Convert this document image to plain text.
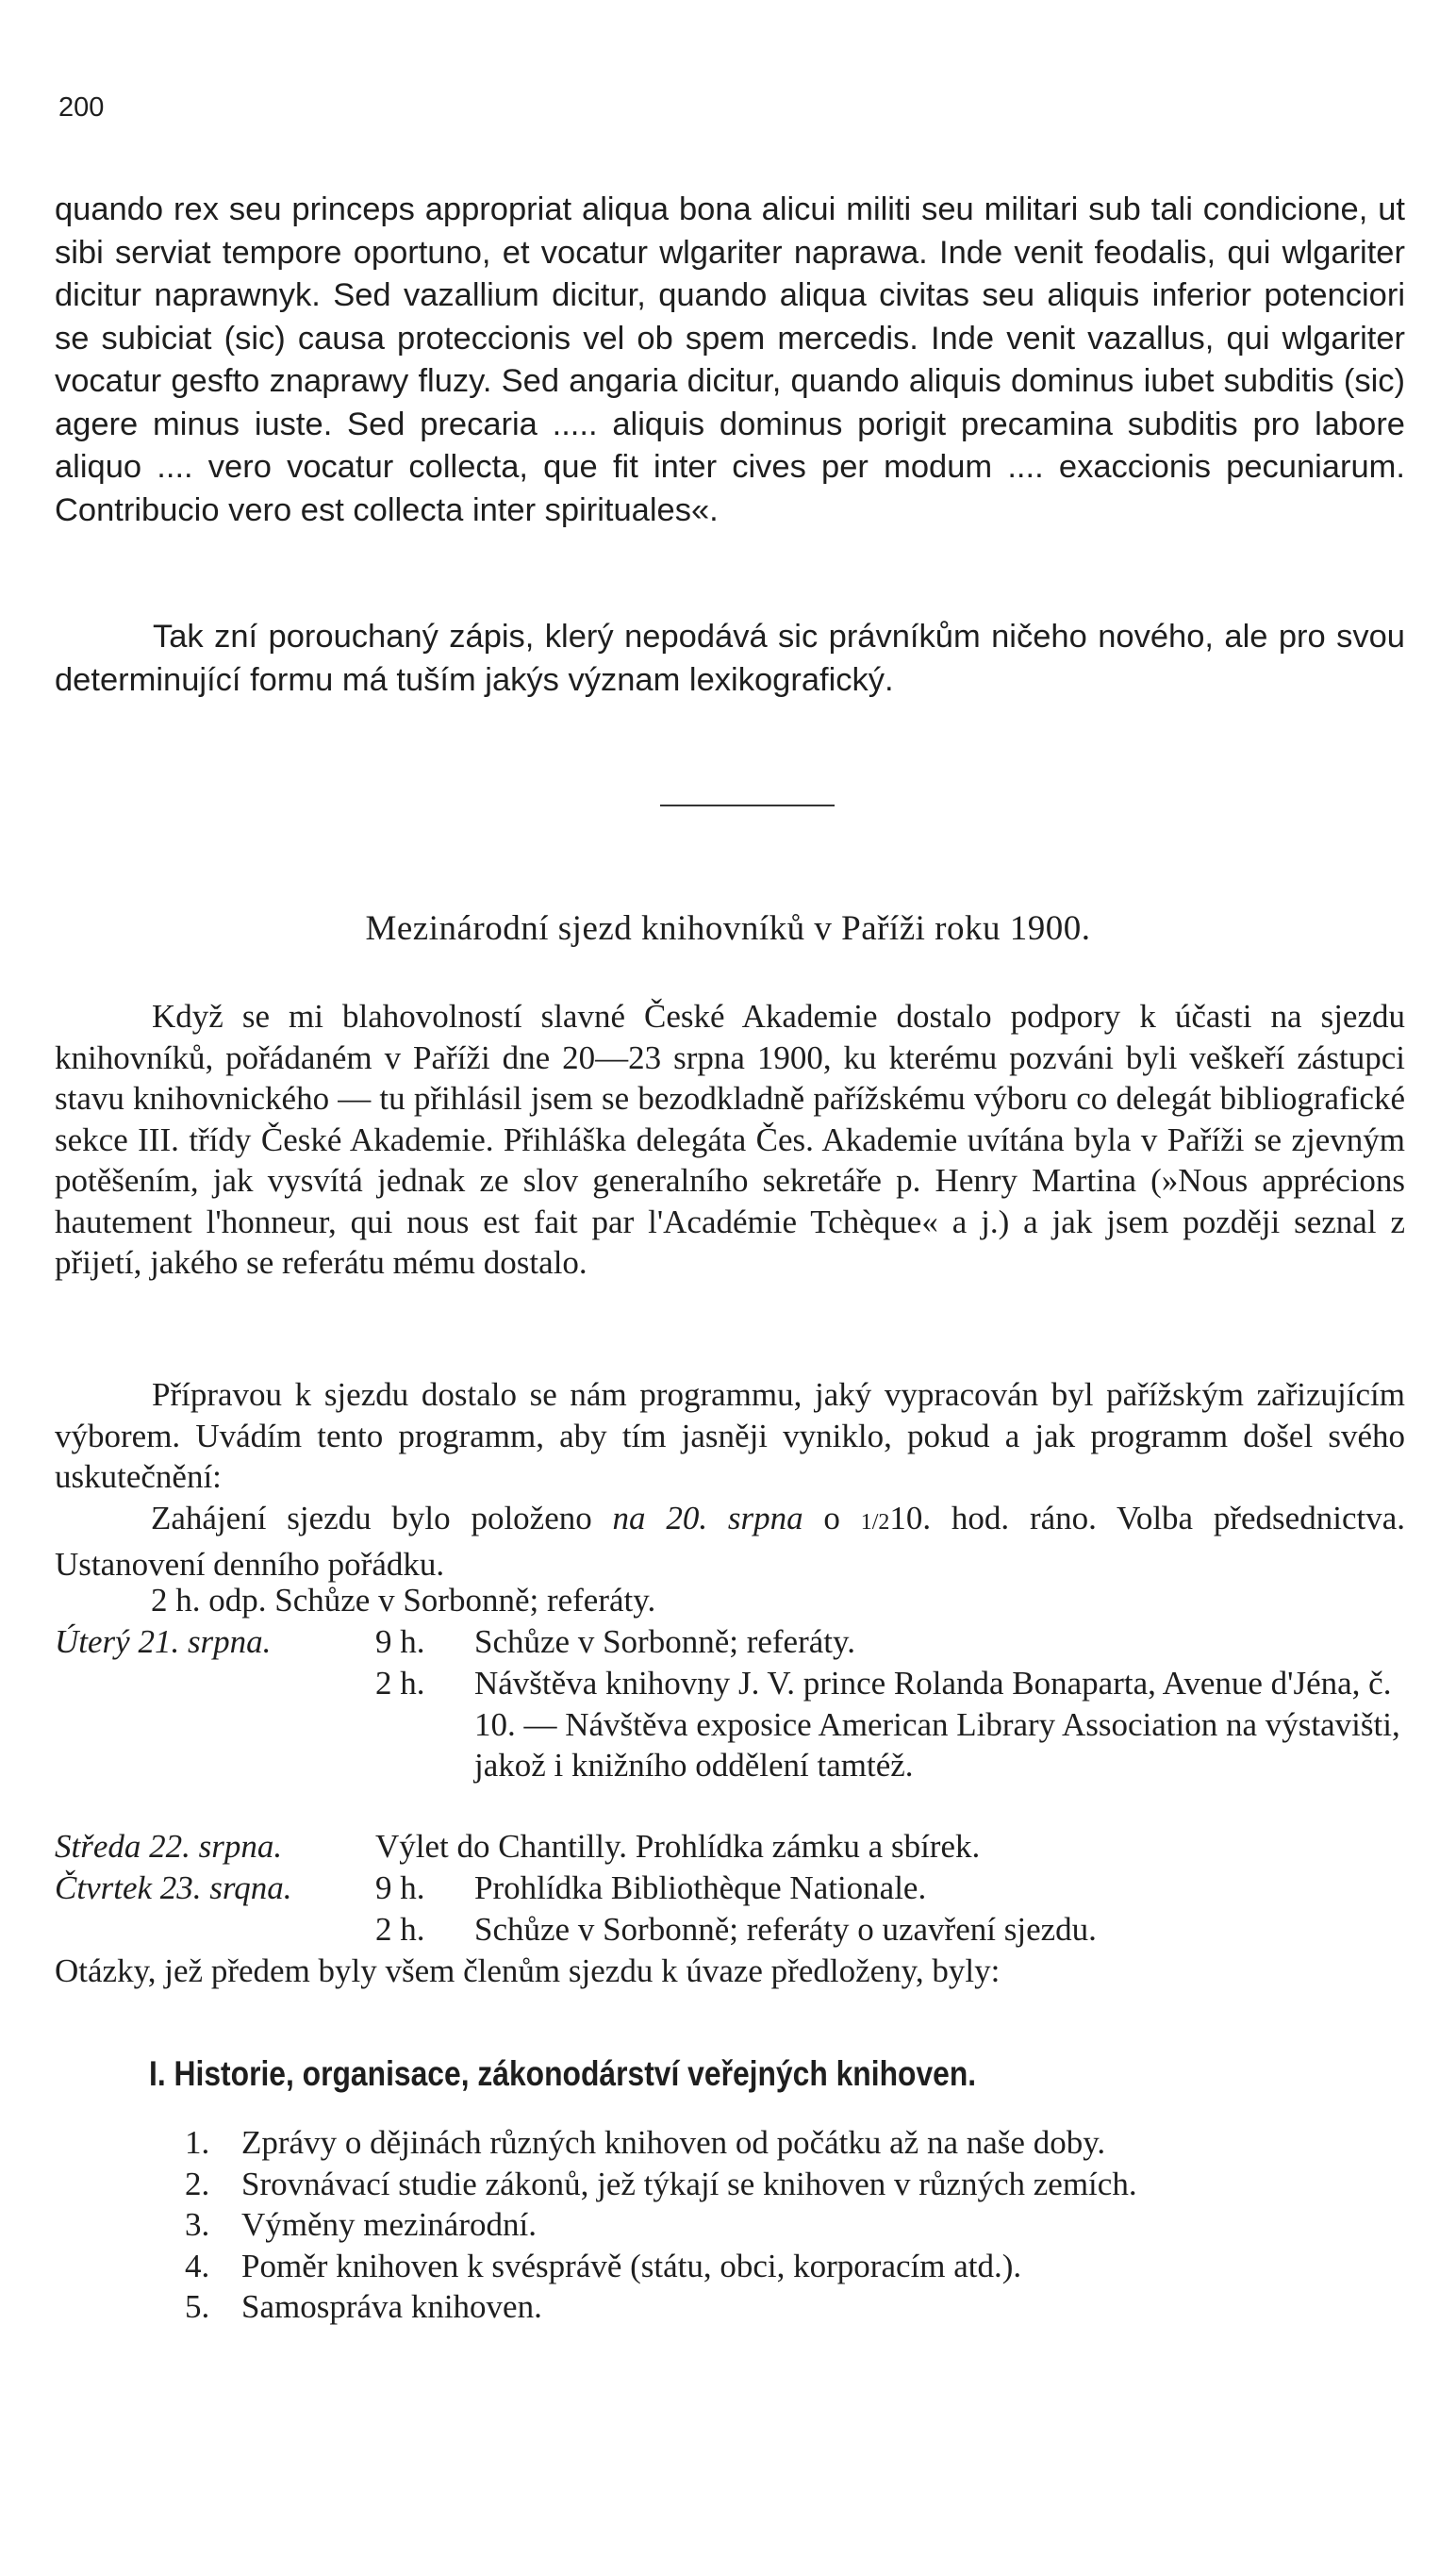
200

quando rex seu princeps appropriat aliqua bona alicui militi seu militari sub tali condicione, ut sibi serviat tempore oportuno, et vocatur wlgariter naprawa. Inde venit feodalis, qui wlgariter dicitur naprawnyk. Sed vazallium dicitur, quando aliqua civitas seu aliquis inferior potenciori se subiciat (sic) causa proteccionis vel ob spem mercedis. Inde venit vazallus, qui wlgariter vocatur gesfto znaprawy fluzy. Sed angaria dicitur, quando aliquis dominus iubet subditis (sic) agere minus iuste. Sed precaria ..... aliquis dominus porigit precamina subditis pro labore aliquo .... vero vocatur collecta, que fit inter cives per modum .... exaccionis pecuniarum. Contribucio vero est collecta inter spirituales«.

Tak zní porouchaný zápis, klerý nepodává sic právníkům ničeho nového, ale pro svou determinující formu má tuším jakýs význam lexikografický.

Mezinárodní sjezd knihovníků v Paříži roku 1900.

Když se mi blahovolností slavné České Akademie dostalo podpory k účasti na sjezdu knihovníků, pořádaném v Paříži dne 20—23 srpna 1900, ku kterému pozváni byli veškeří zástupci stavu knihovnického — tu přihlásil jsem se bezodkladně pařížskému výboru co delegát bibliografické sekce III. třídy České Akademie. Přihláška delegáta Čes. Akademie uvítána byla v Paříži se zjevným potěšením, jak vysvítá jednak ze slov generalního sekretáře p. Henry Martina (»Nous apprécions hautement l'honneur, qui nous est fait par l'Académie Tchèque« a j.) a jak jsem později seznal z přijetí, jakého se referátu mému dostalo.

Přípravou k sjezdu dostalo se nám programmu, jaký vypracován byl pařížským zařizujícím výborem. Uvádím tento programm, aby tím jasněji vyniklo, pokud a jak programm došel svého uskutečnění:

Zahájení sjezdu bylo položeno na 20. srpna o 1/210. hod. ráno. Volba předsednictva. Ustanovení denního pořádku.

2 h. odp. Schůze v Sorbonně; referáty.
Úterý 21. srpna.	9 h. Schůze v Sorbonně; referáty.
2 h. Návštěva knihovny J. V. prince Rolanda Bonaparta, Avenue d'Jéna, č. 10. — Návštěva exposice American Library Association na výstavišti, jakož i knižního oddělení tamtéž.

Středa 22. srpna.	Výlet do Chantilly. Prohlídka zámku a sbírek.
Čtvrtek 23. srqna.	9 h. Prohlídka Bibliothèque Nationale.
2 h. Schůze v Sorbonně; referáty o uzavření sjezdu.
Otázky, jež předem byly všem členům sjezdu k úvaze předloženy, byly:
I. Historie, organisace, zákonodárství veřejných knihoven.
1. Zprávy o dějinách různých knihoven od počátku až na naše doby.
2. Srovnávací studie zákonů, jež týkají se knihoven v různých zemích.
3. Výměny mezinárodní.
4. Poměr knihoven k svésprávě (státu, obci, korporacím atd.).
5. Samospráva knihoven.
